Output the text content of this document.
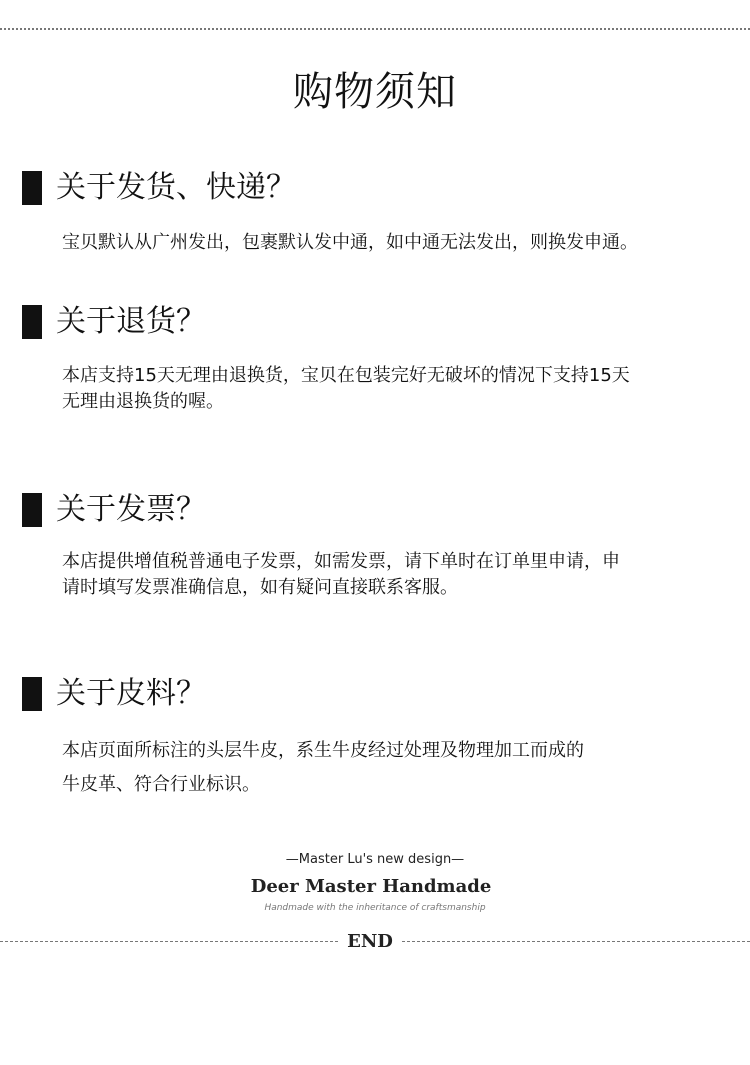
购物须知
关于发货、快递？
宝贝默认从广州发出，包裹默认发中通，如中通无法发出，则换发申通。
关于退货？
本店支持15天无理由退换货，宝贝在包装完好无破坏的情况下支持15天
无理由退换货的喔。
关于发票？
本店提供增值税普通电子发票，如需发票，请下单时在订单里申请，申
请时填写发票准确信息，如有疑问直接联系客服。
关于皮料？
本店页面所标注的头层牛皮，系生牛皮经过处理及物理加工而成的
牛皮革、符合行业标识。
—Master Lu's new design—
Deer Master Handmade
Handmade with the inheritance of craftsmanship
END
